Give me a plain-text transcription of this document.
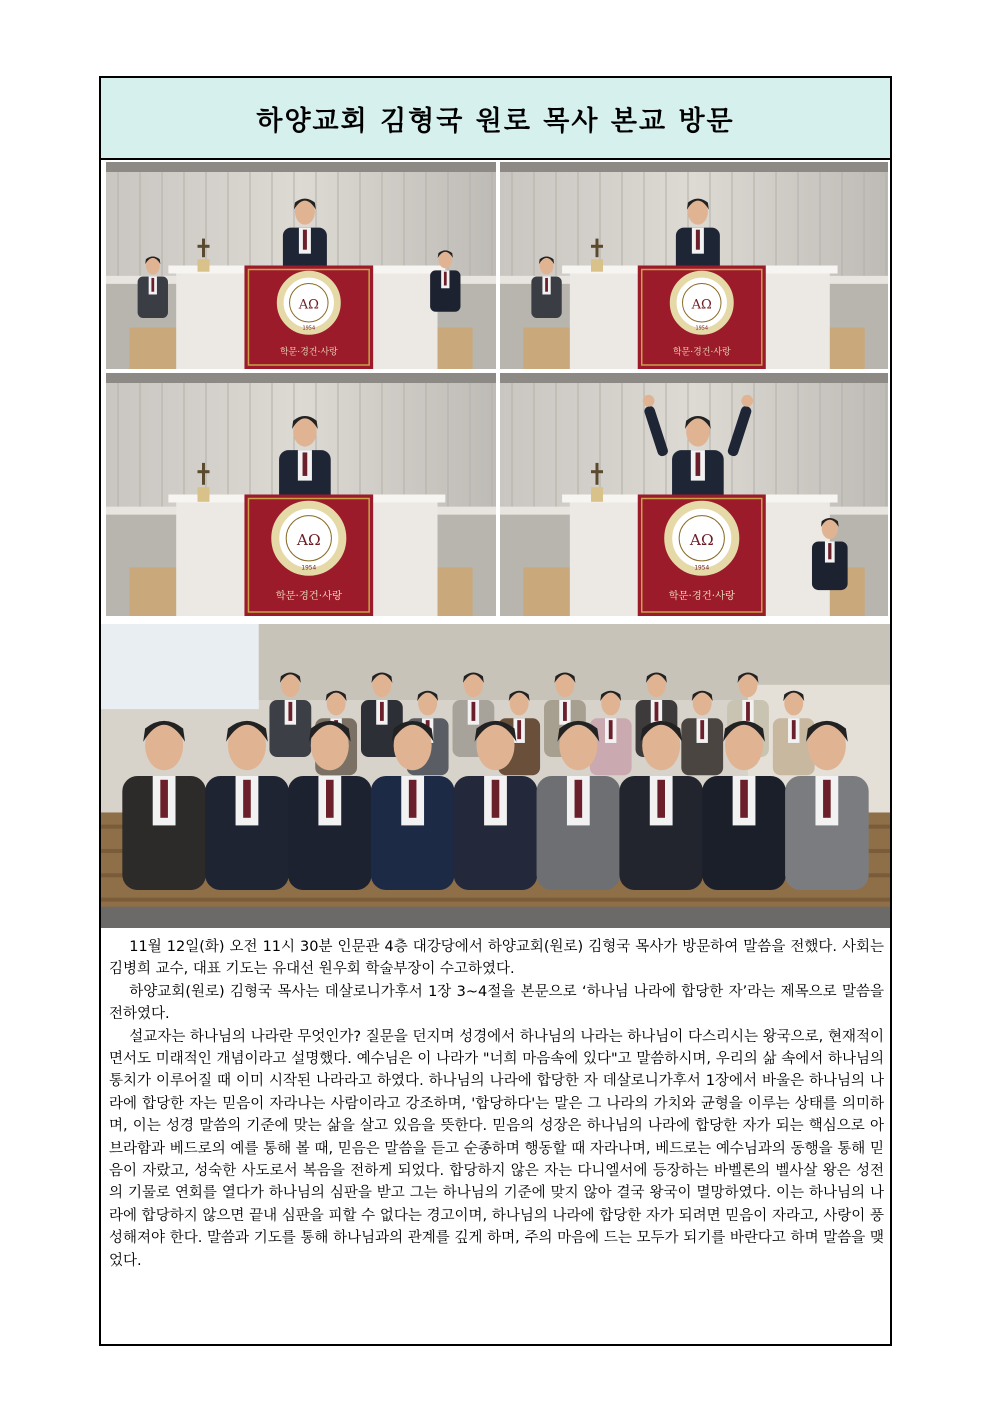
하양교회 김형국 원로 목사 본교 방문
AΩ
1954
학문·경건·사랑
AΩ
1954
학문·경건·사랑
AΩ
1954
학문·경건·사랑
AΩ
1954
학문·경건·사랑

11월 12일(화) 오전 11시 30분 인문관 4층 대강당에서 하양교회(원로) 김형국 목사가 방문하여 말씀을 전했다. 사회는 김병희 교수, 대표 기도는 유대선 원우회 학술부장이 수고하였다.

하양교회(원로) 김형국 목사는 데살로니가후서 1장 3~4절을 본문으로 ‘하나님 나라에 합당한 자’라는 제목으로 말씀을 전하였다.

설교자는 하나님의 나라란 무엇인가? 질문을 던지며 성경에서 하나님의 나라는 하나님이 다스리시는 왕국으로, 현재적이면서도 미래적인 개념이라고 설명했다. 예수님은 이 나라가 "너희 마음속에 있다"고 말씀하시며, 우리의 삶 속에서 하나님의 통치가 이루어질 때 이미 시작된 나라라고 하였다. 하나님의 나라에 합당한 자 데살로니가후서 1장에서 바울은 하나님의 나라에 합당한 자는 믿음이 자라나는 사람이라고 강조하며, '합당하다'는 말은 그 나라의 가치와 균형을 이루는 상태를 의미하며, 이는 성경 말씀의 기준에 맞는 삶을 살고 있음을 뜻한다. 믿음의 성장은 하나님의 나라에 합당한 자가 되는 핵심으로 아브라함과 베드로의 예를 통해 볼 때, 믿음은 말씀을 듣고 순종하며 행동할 때 자라나며, 베드로는 예수님과의 동행을 통해 믿음이 자랐고, 성숙한 사도로서 복음을 전하게 되었다. 합당하지 않은 자는 다니엘서에 등장하는 바벨론의 벨사살 왕은 성전의 기물로 연회를 열다가 하나님의 심판을 받고 그는 하나님의 기준에 맞지 않아 결국 왕국이 멸망하였다. 이는 하나님의 나라에 합당하지 않으면 끝내 심판을 피할 수 없다는 경고이며, 하나님의 나라에 합당한 자가 되려면 믿음이 자라고, 사랑이 풍성해져야 한다. 말씀과 기도를 통해 하나님과의 관계를 깊게 하며, 주의 마음에 드는 모두가 되기를 바란다고 하며 말씀을 맺었다.
